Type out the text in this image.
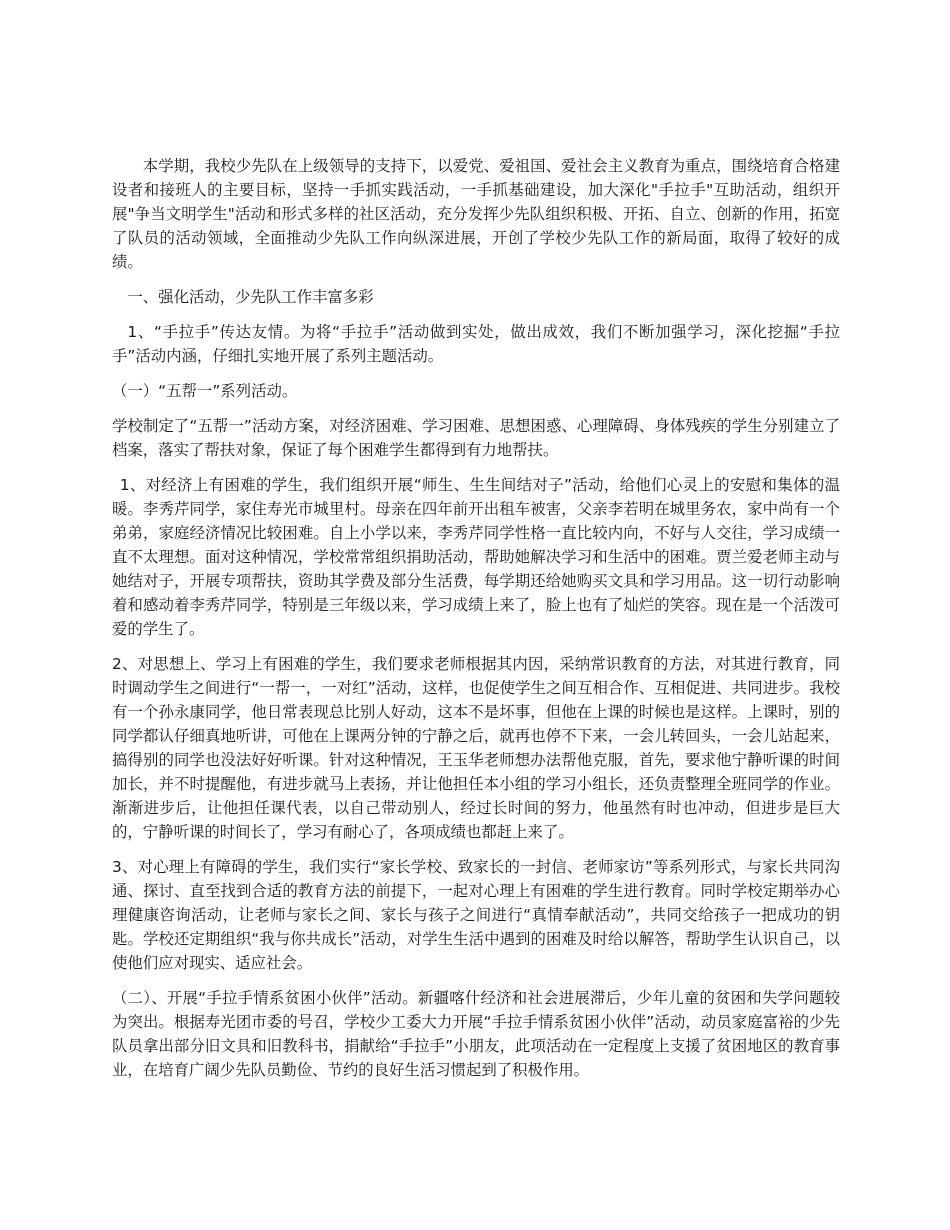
本学期，我校少先队在上级领导的支持下，以爱党、爱祖国、爱社会主义教育为重点，围绕培育合格建设者和接班人的主要目标，坚持一手抓实践活动，一手抓基础建设，加大深化"手拉手"互助活动，组织开展"争当文明学生"活动和形式多样的社区活动，充分发挥少先队组织积极、开拓、自立、创新的作用，拓宽了队员的活动领域，全面推动少先队工作向纵深进展，开创了学校少先队工作的新局面，取得了较好的成绩。

一、强化活动，少先队工作丰富多彩

1、“手拉手”传达友情。为将“手拉手”活动做到实处，做出成效，我们不断加强学习，深化挖掘“手拉手”活动内涵，仔细扎实地开展了系列主题活动。

（一）“五帮一”系列活动。

学校制定了“五帮一”活动方案，对经济困难、学习困难、思想困惑、心理障碍、身体残疾的学生分别建立了档案，落实了帮扶对象，保证了每个困难学生都得到有力地帮扶。

1、对经济上有困难的学生，我们组织开展“师生、生生间结对子”活动，给他们心灵上的安慰和集体的温暖。李秀芹同学，家住寿光市城里村。母亲在四年前开出租车被害，父亲李若明在城里务农，家中尚有一个弟弟，家庭经济情况比较困难。自上小学以来，李秀芹同学性格一直比较内向，不好与人交往，学习成绩一直不太理想。面对这种情况，学校常常组织捐助活动，帮助她解决学习和生活中的困难。贾兰爱老师主动与她结对子，开展专项帮扶，资助其学费及部分生活费，每学期还给她购买文具和学习用品。这一切行动影响着和感动着李秀芹同学，特别是三年级以来，学习成绩上来了，脸上也有了灿烂的笑容。现在是一个活泼可爱的学生了。

2、对思想上、学习上有困难的学生，我们要求老师根据其内因，采纳常识教育的方法，对其进行教育，同时调动学生之间进行“一帮一，一对红”活动，这样，也促使学生之间互相合作、互相促进、共同进步。我校有一个孙永康同学，他日常表现总比别人好动，这本不是坏事，但他在上课的时候也是这样。上课时，别的同学都认仔细真地听讲，可他在上课两分钟的宁静之后，就再也停不下来，一会儿转回头，一会儿站起来，搞得别的同学也没法好好听课。针对这种情况，王玉华老师想办法帮他克服，首先，要求他宁静听课的时间加长，并不时提醒他，有进步就马上表扬，并让他担任本小组的学习小组长，还负责整理全班同学的作业。渐渐进步后，让他担任课代表，以自己带动别人，经过长时间的努力，他虽然有时也冲动，但进步是巨大的，宁静听课的时间长了，学习有耐心了，各项成绩也都赶上来了。

3、对心理上有障碍的学生，我们实行“家长学校、致家长的一封信、老师家访”等系列形式，与家长共同沟通、探讨、直至找到合适的教育方法的前提下，一起对心理上有困难的学生进行教育。同时学校定期举办心理健康咨询活动，让老师与家长之间、家长与孩子之间进行“真情奉献活动”，共同交给孩子一把成功的钥匙。学校还定期组织“我与你共成长”活动，对学生生活中遇到的困难及时给以解答，帮助学生认识自己，以使他们应对现实、适应社会。

（二）、开展“手拉手情系贫困小伙伴”活动。新疆喀什经济和社会进展滞后，少年儿童的贫困和失学问题较为突出。根据寿光团市委的号召，学校少工委大力开展“手拉手情系贫困小伙伴”活动，动员家庭富裕的少先队员拿出部分旧文具和旧教科书，捐献给“手拉手”小朋友，此项活动在一定程度上支援了贫困地区的教育事业，在培育广阔少先队员勤俭、节约的良好生活习惯起到了积极作用。
